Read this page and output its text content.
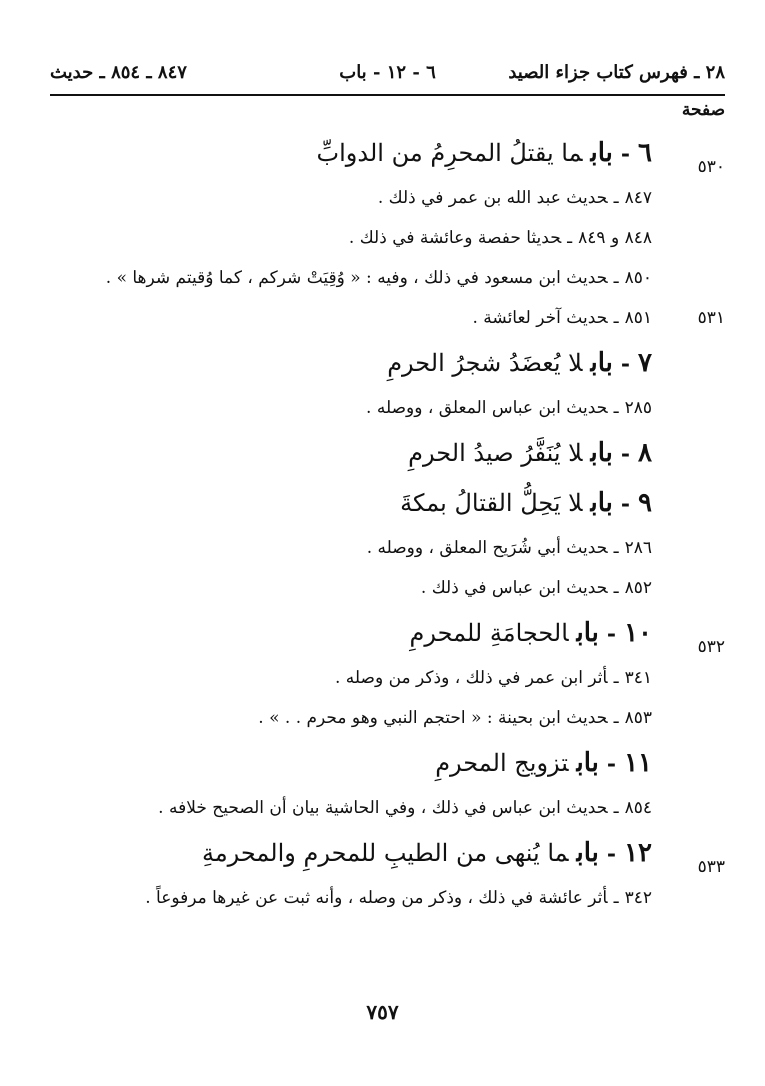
٢٨ ـ فهرس كتاب جزاء الصيد
٦ - ١٢ - باب
٨٤٧ ـ ٨٥٤ ـ حديث
صفحة
٦-بابما يقتلُ المحرِمُ من الدوابِّ	٥٣٠
٨٤٧ـحديث عبد الله بن عمر في ذلك .
٨٤٨ و ٨٤٩ـحديثا حفصة وعائشة في ذلك .
٨٥٠ـحديث ابن مسعود في ذلك ، وفيه : « وُقِيَتْ شركم ، كما وُقيتم شرها » .
٨٥١ـحديث آخر لعائشة .	٥٣١
٧-بابلا يُعضَدُ شجرُ الحرمِ
٢٨٥ـحديث ابن عباس المعلق ، ووصله .
٨-بابلا يُنَفَّرُ صيدُ الحرمِ
٩-بابلا يَحِلُّ القتالُ بمكةَ
٢٨٦ـحديث أبي شُرَيح المعلق ، ووصله .
٨٥٢ـحديث ابن عباس في ذلك .
١٠-بابالحجامَةِ للمحرمِ	٥٣٢
٣٤١ـأثر ابن عمر في ذلك ، وذكر من وصله .
٨٥٣ـحديث ابن بحينة : « احتجم النبي وهو محرم . . » .
١١-بابتزويج المحرمِ
٨٥٤ـحديث ابن عباس في ذلك ، وفي الحاشية بيان أن الصحيح خلافه .
١٢-بابما يُنهى من الطيبِ للمحرمِ والمحرمةِ	٥٣٣
٣٤٢ـأثر عائشة في ذلك ، وذكر من وصله ، وأنه ثبت عن غيرها مرفوعاً .
٧٥٧
